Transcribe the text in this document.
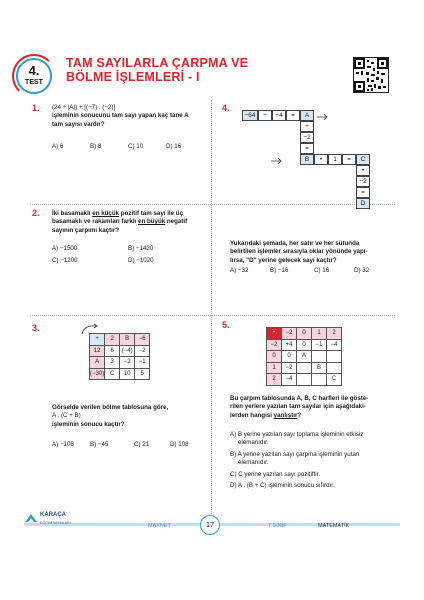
4.
TEST
TAM SAYILARLA ÇARPMA VE
BÖLME İŞLEMLERİ - I
1. (24 ÷ |A|) + [(−7) . (−2)]
işleminin sonucunu tam sayı yapan kaç tane A
tam sayısı vardır?
A) 6	B) 8	C) 10	D) 16
2. İki basamaklı en küçük pozitif tam sayı ile üç
basamaklı ve rakamları farklı en büyük negatif
sayının çarpımı kaçtır?
A) −1500	B) −1420
C) −1200	D) −1020
3.
÷	2	B	−6
12	6	(−4)	−2
A	3	−2	−1
(−30)	C	10	5
Görselde verilen bölme tablosuna göre,
A . (C + B)
işleminin sonucu kaçtır?
A) −108	B) −45	C) 21	D) 108
4.
−64	÷	−4	=	A
÷
−2
=
B	•	1	=	C
•
−2
=
D
Yukarıdaki şemada, her satır ve her sütunda
belirtilen işlemler sırasıyla oklar yönünde yapı-
lırsa, "D" yerine gelecek sayı kaçtır?
A) −32	B) −16	C) 16	D) 32
5.
•	−2	0	1	2
−2	+4	0	−1	−4
0	0	A		
1	−2		B	
2	−4			C
Bu çarpım tablosunda A, B, C harfleri ile göste-
rilen yerlere yazılan tam sayılar için aşağıdaki-
lerden hangisi yanlıştır?
A) B yerine yazılan sayı toplama işleminin etkisiz
elemanıdır.
B) A yerine yazılan sayı çarpma işleminin yutan
elemanıdır.
C) C yerine yazılan sayı pozitiftir.
D) A . (B + C) işleminin sonucu sıfırdır.
KARAÇA
EĞİTİM YAYINLARI	MAXNET	17	7.SINIF	MATEMATİK
